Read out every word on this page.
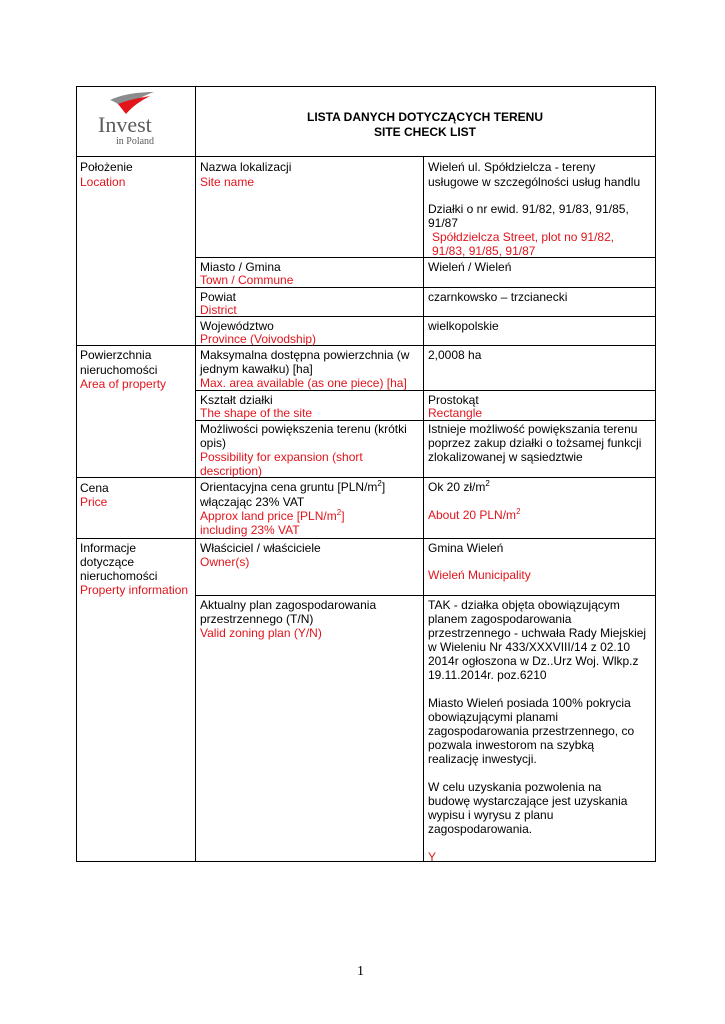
Invest
in Poland
LISTA DANYCH DOTYCZĄCYCH TERENU
SITE CHECK LIST
Położenie
Location
Powierzchnia
nieruchomości
Area of property
Cena
Price
Informacje
dotyczące
nieruchomości
Property information
Nazwa lokalizacji
Site name
Wieleń ul. Spółdzielcza - tereny
usługowe w szczególności usług handlu
Działki o nr ewid. 91/82, 91/83, 91/85,
91/87
Spółdzielcza Street, plot no 91/82,
91/83, 91/85, 91/87
Miasto / Gmina
Town / Commune
Wieleń / Wieleń
Powiat
District
czarnkowsko – trzcianecki
Województwo
Province (Voivodship)
wielkopolskie
Maksymalna dostępna powierzchnia (w
jednym kawałku) [ha]
Max. area available (as one piece) [ha]
2,0008 ha
Kształt działki
The shape of the site
Prostokąt
Rectangle
Możliwości powiększenia terenu (krótki
opis)
Possibility for expansion (short
description)
Istnieje możliwość powiększania terenu
poprzez zakup działki o tożsamej funkcji
zlokalizowanej w sąsiedztwie
Orientacyjna cena gruntu $[PLN/m^2]$
włączając 23% VAT
Approx land price $[PLN/m^2]$
including 23% VAT
Ok 20 $zł/m^2$
About 20 PLN/$m^2$
Właściciel / właściciele
Owner(s)
Gmina Wieleń
Wieleń Municipality
Aktualny plan zagospodarowania
przestrzennego (T/N)
Valid zoning plan (Y/N)
TAK - działka objęta obowiązującym
planem zagospodarowania
przestrzennego - uchwała Rady Miejskiej
w Wieleniu Nr 433/XXXVIII/14 z 02.10
2014r ogłoszona w Dz..Urz Woj. Wlkp.z
19.11.2014r. poz.6210
Miasto Wieleń posiada 100% pokrycia
obowiązującymi planami
zagospodarowania przestrzennego, co
pozwala inwestorom na szybką
realizację inwestycji.
W celu uzyskania pozwolenia na
budowę wystarczające jest uzyskania
wypisu i wyrysu z planu
zagospodarowania.
Y
1
